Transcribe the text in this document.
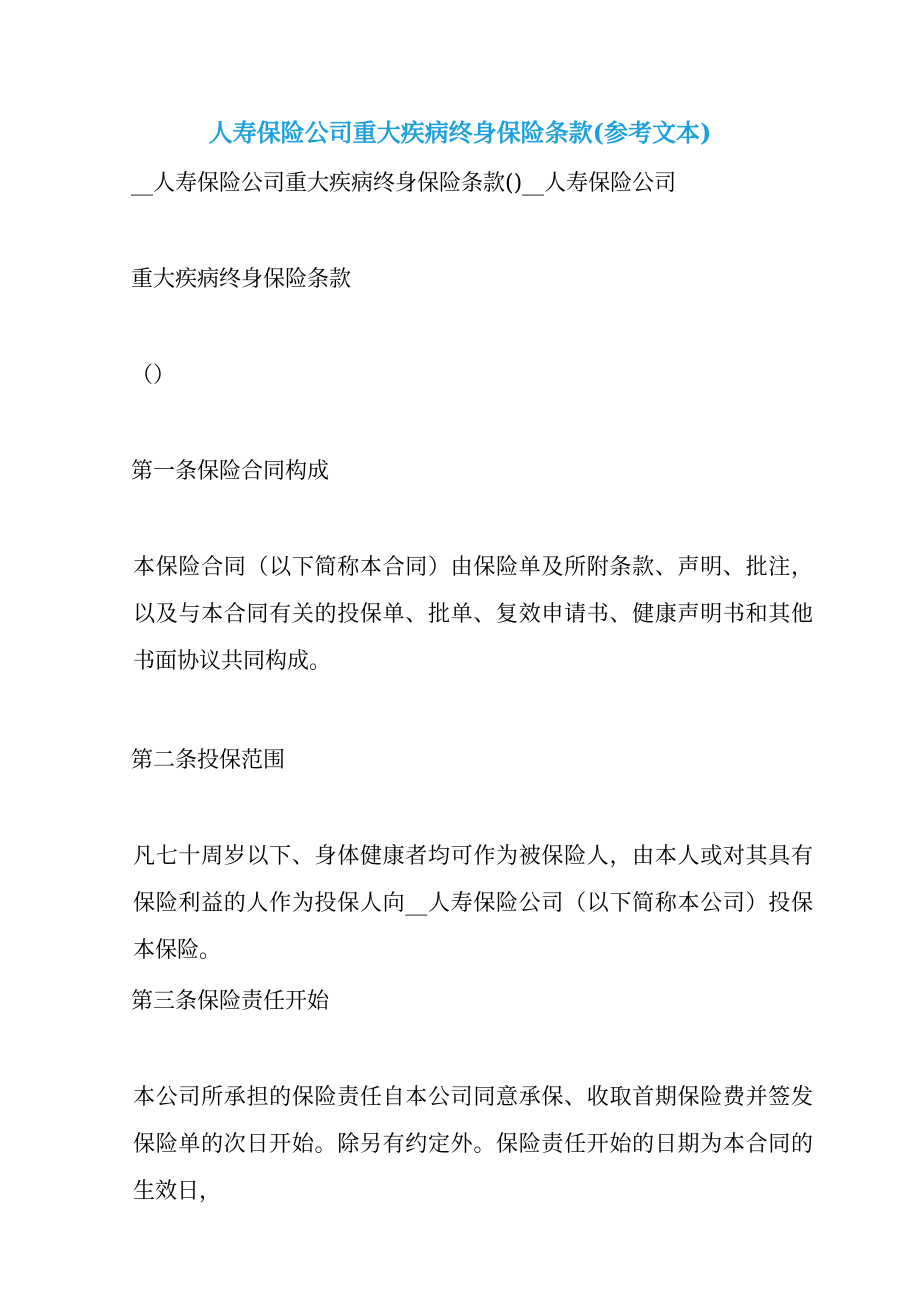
人寿保险公司重大疾病终身保险条款(参考文本)
__人寿保险公司重大疾病终身保险条款()__人寿保险公司
重大疾病终身保险条款
（）
第一条保险合同构成
本保险合同（以下简称本合同）由保险单及所附条款、声明、批注，以及与本合同有关的投保单、批单、复效申请书、健康声明书和其他书面协议共同构成。
第二条投保范围
凡七十周岁以下、身体健康者均可作为被保险人，由本人或对其具有保险利益的人作为投保人向__人寿保险公司（以下简称本公司）投保本保险。
第三条保险责任开始
本公司所承担的保险责任自本公司同意承保、收取首期保险费并签发保险单的次日开始。除另有约定外。保险责任开始的日期为本合同的生效日，
